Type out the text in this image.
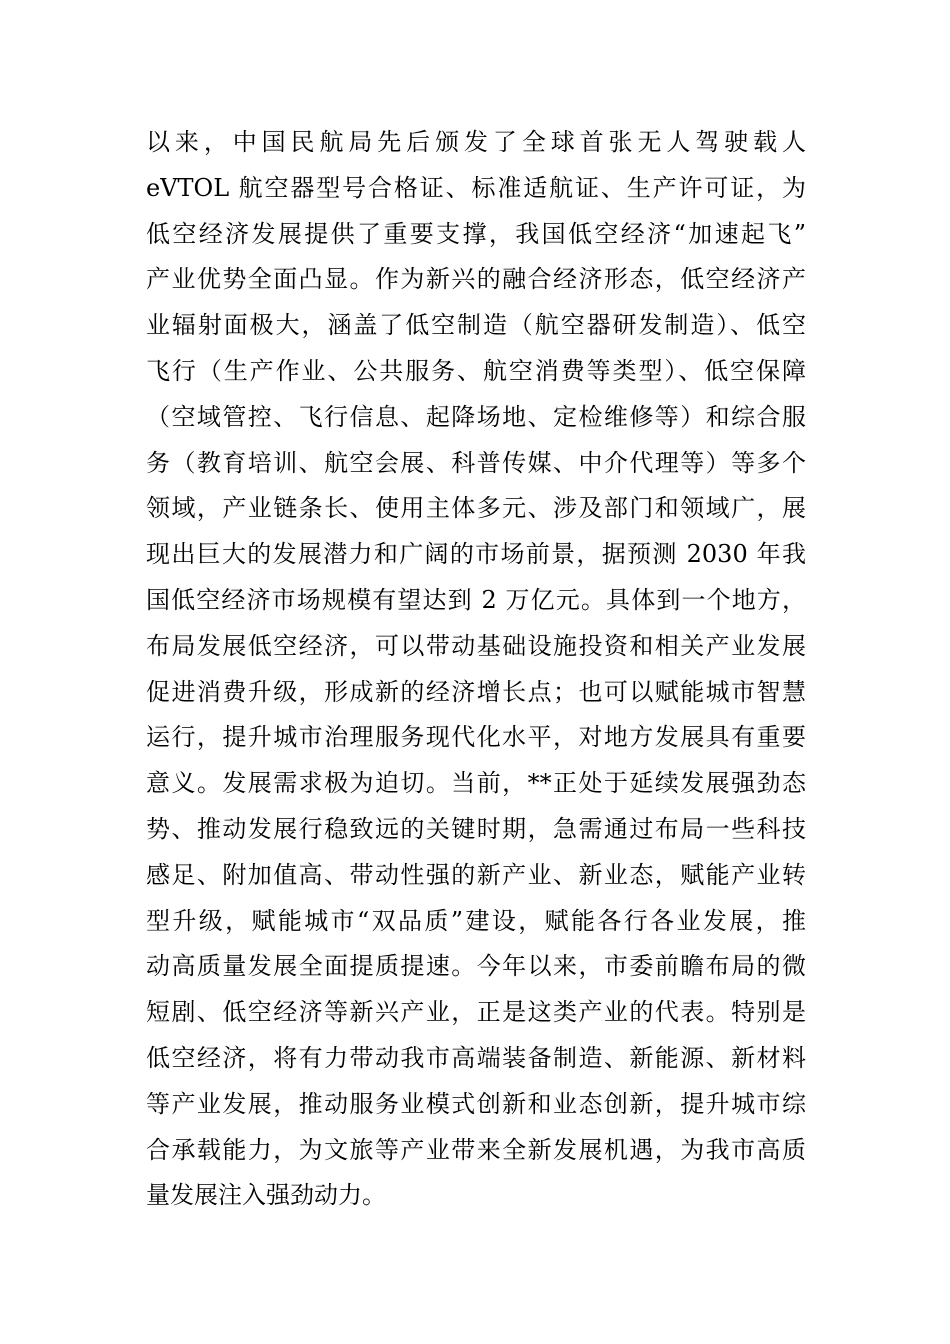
以来，中国民航局先后颁发了全球首张无人驾驶载人
eVTOL 航空器型号合格证、标准适航证、生产许可证，为
低空经济发展提供了重要支撑，我国低空经济“加速起飞”
产业优势全面凸显。作为新兴的融合经济形态，低空经济产
业辐射面极大，涵盖了低空制造（航空器研发制造）、低空
飞行（生产作业、公共服务、航空消费等类型）、低空保障
（空域管控、飞行信息、起降场地、定检维修等）和综合服
务（教育培训、航空会展、科普传媒、中介代理等）等多个
领域，产业链条长、使用主体多元、涉及部门和领域广，展
现出巨大的发展潜力和广阔的市场前景，据预测 2030 年我
国低空经济市场规模有望达到 2 万亿元。具体到一个地方，
布局发展低空经济，可以带动基础设施投资和相关产业发展
促进消费升级，形成新的经济增长点；也可以赋能城市智慧
运行，提升城市治理服务现代化水平，对地方发展具有重要
意义。发展需求极为迫切。当前，**正处于延续发展强劲态
势、推动发展行稳致远的关键时期，急需通过布局一些科技
感足、附加值高、带动性强的新产业、新业态，赋能产业转
型升级，赋能城市“双品质”建设，赋能各行各业发展，推
动高质量发展全面提质提速。今年以来，市委前瞻布局的微
短剧、低空经济等新兴产业，正是这类产业的代表。特别是
低空经济，将有力带动我市高端装备制造、新能源、新材料
等产业发展，推动服务业模式创新和业态创新，提升城市综
合承载能力，为文旅等产业带来全新发展机遇，为我市高质
量发展注入强劲动力。
